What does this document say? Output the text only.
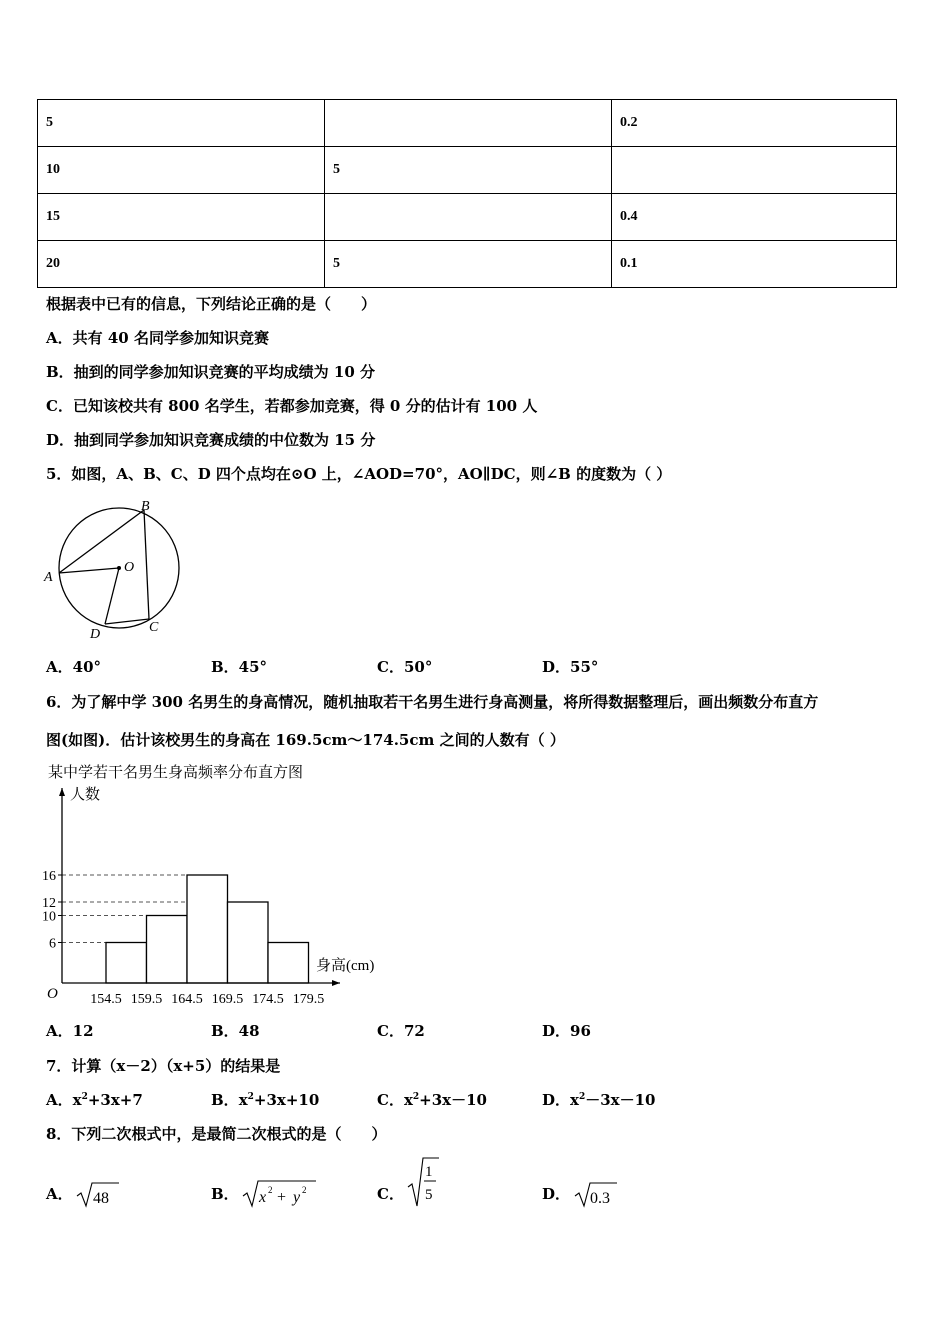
5		0.2
10	5	
15		0.4
20	5	0.1
根据表中已有的信息，下列结论正确的是（　　）
A．共有 40 名同学参加知识竞赛
B．抽到的同学参加知识竞赛的平均成绩为 10 分
C．已知该校共有 800 名学生，若都参加竞赛，得 0 分的估计有 100 人
D．抽到同学参加知识竞赛成绩的中位数为 15 分
5．如图，A、B、C、D 四个点均在⊙O 上，∠AOD=70°，AO∥DC，则∠B 的度数为（ ）
A
B
O
D	C
A．40°	B．45°	C．50°	D．55°
6．为了解中学 300 名男生的身高情况，随机抽取若干名男生进行身高测量，将所得数据整理后，画出频数分布直方
图(如图)．估计该校男生的身高在 169.5cm～174.5cm 之间的人数有（ ）
某中学若干名男生身高频率分布直方图
人数
身高(cm)
O
6
10
12
16
154.5 159.5 164.5 169.5 174.5 179.5
A．12	B．48	C．72	D．96
7．计算（x－2）（x+5）的结果是
A．$x^2+3x+7$	B．$x^2+3x+10$	C．$x^2+3x-10$	D．$x^2-3x-10$
8．下列二次根式中，是最简二次根式的是（　　）
A． 48	B． x 2 + y 2	C．
1
5	D． 0.3
